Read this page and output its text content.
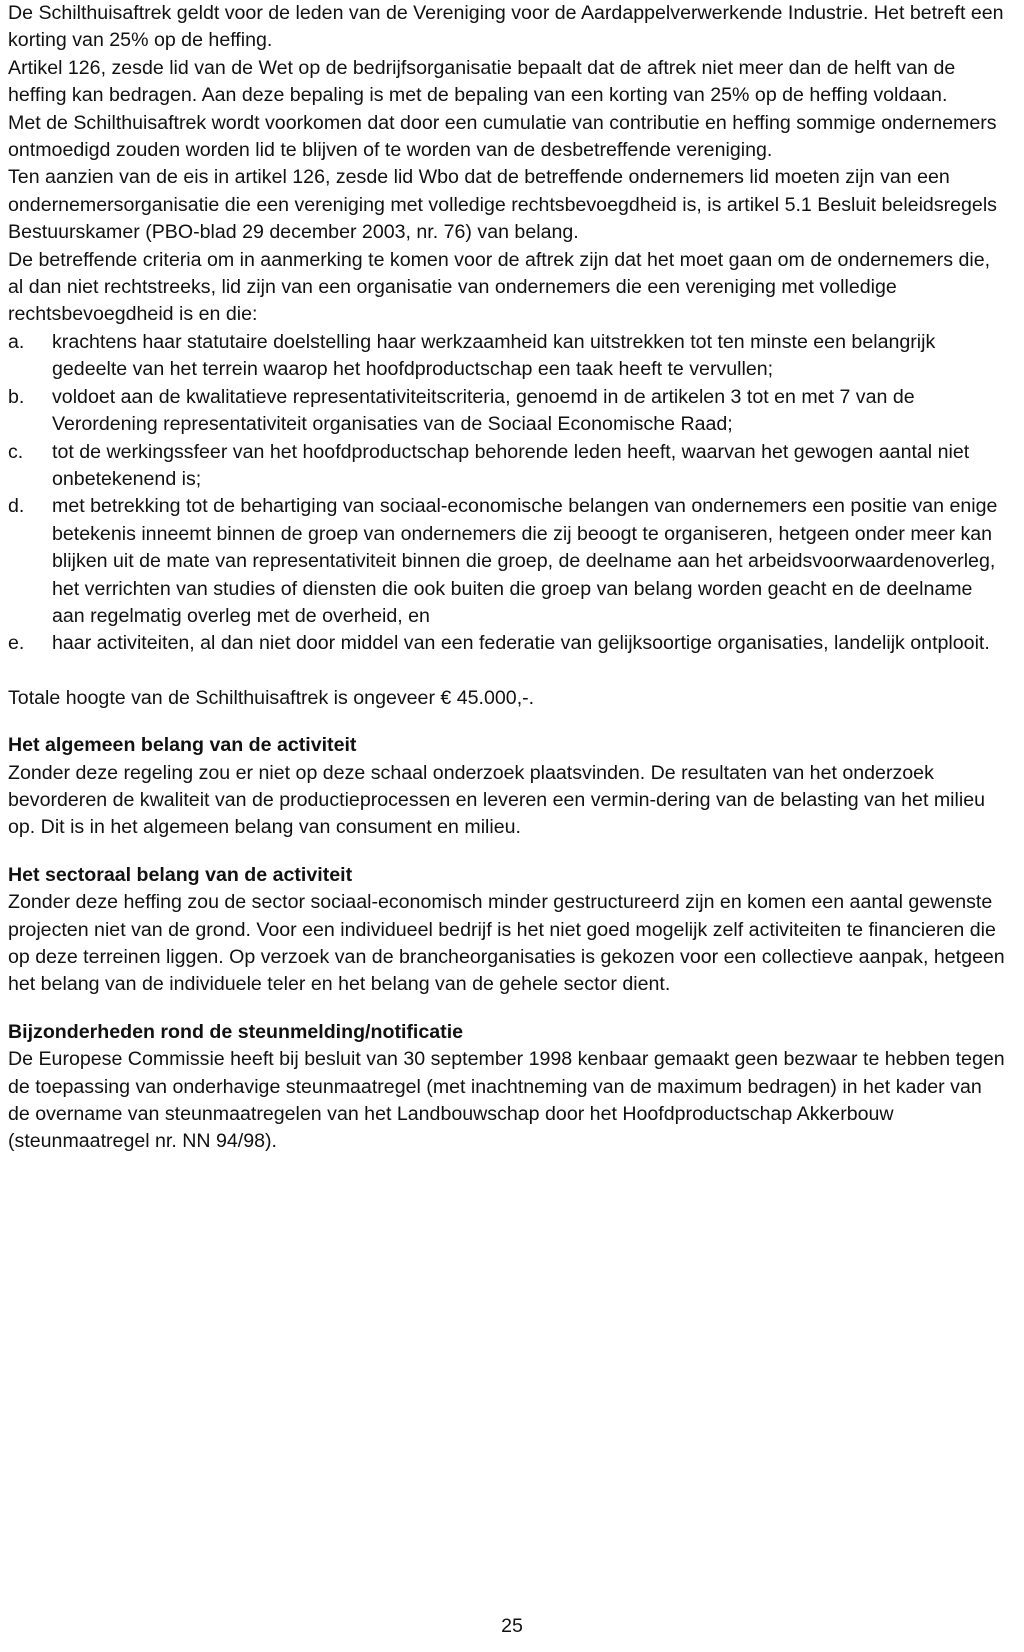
De Schilthuisaftrek geldt voor de leden van de Vereniging voor de Aardappelverwerkende Industrie. Het betreft een korting van 25% op de heffing.

Artikel 126, zesde lid van de Wet op de bedrijfsorganisatie bepaalt dat de aftrek niet meer dan de helft van de heffing kan bedragen. Aan deze bepaling is met de bepaling van een korting van 25% op de heffing voldaan.

Met de Schilthuisaftrek wordt voorkomen dat door een cumulatie van contributie en heffing sommige ondernemers ontmoedigd zouden worden lid te blijven of te worden van de desbetreffende vereniging.

Ten aanzien van de eis in artikel 126, zesde lid Wbo dat de betreffende ondernemers lid moeten zijn van een ondernemersorganisatie die een vereniging met volledige rechtsbevoegdheid is, is artikel 5.1 Besluit beleidsregels Bestuurskamer (PBO-blad 29 december 2003, nr. 76) van belang.

De betreffende criteria om in aanmerking te komen voor de aftrek zijn dat het moet gaan om de ondernemers die, al dan niet rechtstreeks, lid zijn van een organisatie van ondernemers die een vereniging met volledige rechtsbevoegdheid is en die:

a.	krachtens haar statutaire doelstelling haar werkzaamheid kan uitstrekken tot ten minste een belangrijk gedeelte van het terrein waarop het hoofdproductschap een taak heeft te vervullen;
b.	voldoet aan de kwalitatieve representativiteitscriteria, genoemd in de artikelen 3 tot en met 7 van de Verordening representativiteit organisaties van de Sociaal Economische Raad;
c.	tot de werkingssfeer van het hoofdproductschap behorende leden heeft, waarvan het gewogen aantal niet onbetekenend is;
d.	met betrekking tot de behartiging van sociaal-economische belangen van ondernemers een positie van enige betekenis inneemt binnen de groep van ondernemers die zij beoogt te organiseren, hetgeen onder meer kan blijken uit de mate van representativiteit binnen die groep, de deelname aan het arbeidsvoorwaardenoverleg, het verrichten van studies of diensten die ook buiten die groep van belang worden geacht en de deelname aan regelmatig overleg met de overheid, en
e.	haar activiteiten, al dan niet door middel van een federatie van gelijksoortige organisaties, landelijk ontplooit.

Totale hoogte van de Schilthuisaftrek is ongeveer € 45.000,-.

Het algemeen belang van de activiteit

Zonder deze regeling zou er niet op deze schaal onderzoek plaatsvinden. De resultaten van het onderzoek bevorderen de kwaliteit van de productieprocessen en leveren een vermin-dering van de belasting van het milieu op. Dit is in het algemeen belang van consument en milieu.

Het sectoraal belang van de activiteit

Zonder deze heffing zou de sector sociaal-economisch minder gestructureerd zijn en komen een aantal gewenste projecten niet van de grond. Voor een individueel bedrijf is het niet goed mogelijk zelf activiteiten te financieren die op deze terreinen liggen. Op verzoek van de brancheorganisaties is gekozen voor een collectieve aanpak, hetgeen het belang van de individuele teler en het belang van de gehele sector dient.

Bijzonderheden rond de steunmelding/notificatie

De Europese Commissie heeft bij besluit van 30 september 1998 kenbaar gemaakt geen bezwaar te hebben tegen de toepassing van onderhavige steunmaatregel (met inachtneming van de maximum bedragen) in het kader van de overname van steunmaatregelen van het Landbouwschap door het Hoofdproductschap Akkerbouw (steunmaatregel nr. NN 94/98).

25
